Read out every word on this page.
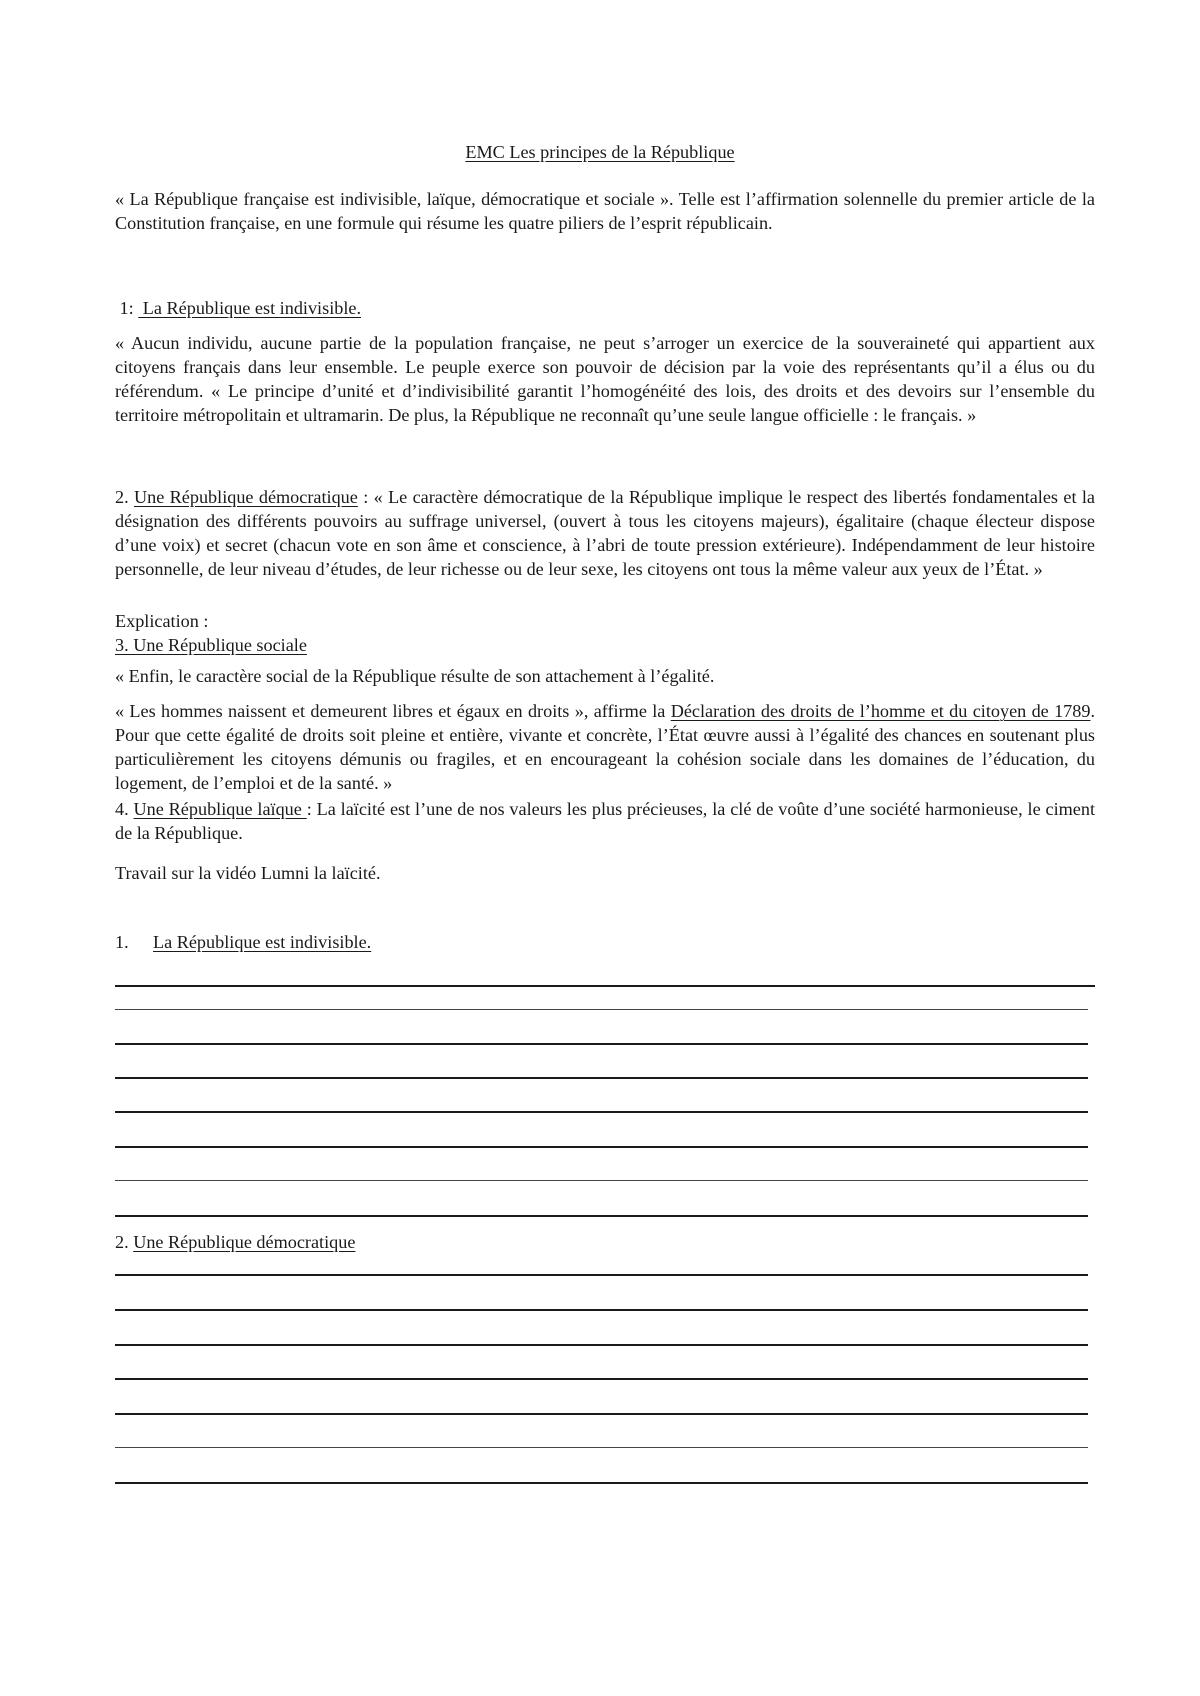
EMC Les principes de la République
« La République française est indivisible, laïque, démocratique et sociale ». Telle est l’affirmation solennelle du premier article de la Constitution française, en une formule qui résume les quatre piliers de l’esprit républicain.
1:  La République est indivisible.
« Aucun individu, aucune partie de la population française, ne peut s’arroger un exercice de la souveraineté qui appartient aux citoyens français dans leur ensemble. Le peuple exerce son pouvoir de décision par la voie des représentants qu’il a élus ou du référendum. « Le principe d’unité et d’indivisibilité garantit l’homogénéité des lois, des droits et des devoirs sur l’ensemble du territoire métropolitain et ultramarin. De plus, la République ne reconnaît qu’une seule langue officielle : le français. »
2. Une République démocratique : « Le caractère démocratique de la République implique le respect des libertés fondamentales et la désignation des différents pouvoirs au suffrage universel, (ouvert à tous les citoyens majeurs), égalitaire (chaque électeur dispose d’une voix) et secret (chacun vote en son âme et conscience, à l’abri de toute pression extérieure). Indépendamment de leur histoire personnelle, de leur niveau d’études, de leur richesse ou de leur sexe, les citoyens ont tous la même valeur aux yeux de l’État. »
Explication :
3. Une République sociale
« Enfin, le caractère social de la République résulte de son attachement à l’égalité.
« Les hommes naissent et demeurent libres et égaux en droits », affirme la Déclaration des droits de l’homme et du citoyen de 1789. Pour que cette égalité de droits soit pleine et entière, vivante et concrète, l’État œuvre aussi à l’égalité des chances en soutenant plus particulièrement les citoyens démunis ou fragiles, et en encourageant la cohésion sociale dans les domaines de l’éducation, du logement, de l’emploi et de la santé. »
4. Une République laïque : La laïcité est l’une de nos valeurs les plus précieuses, la clé de voûte d’une société harmonieuse, le ciment de la République.
Travail sur la vidéo Lumni la laïcité.
1. La République est indivisible.
2. Une République démocratique
